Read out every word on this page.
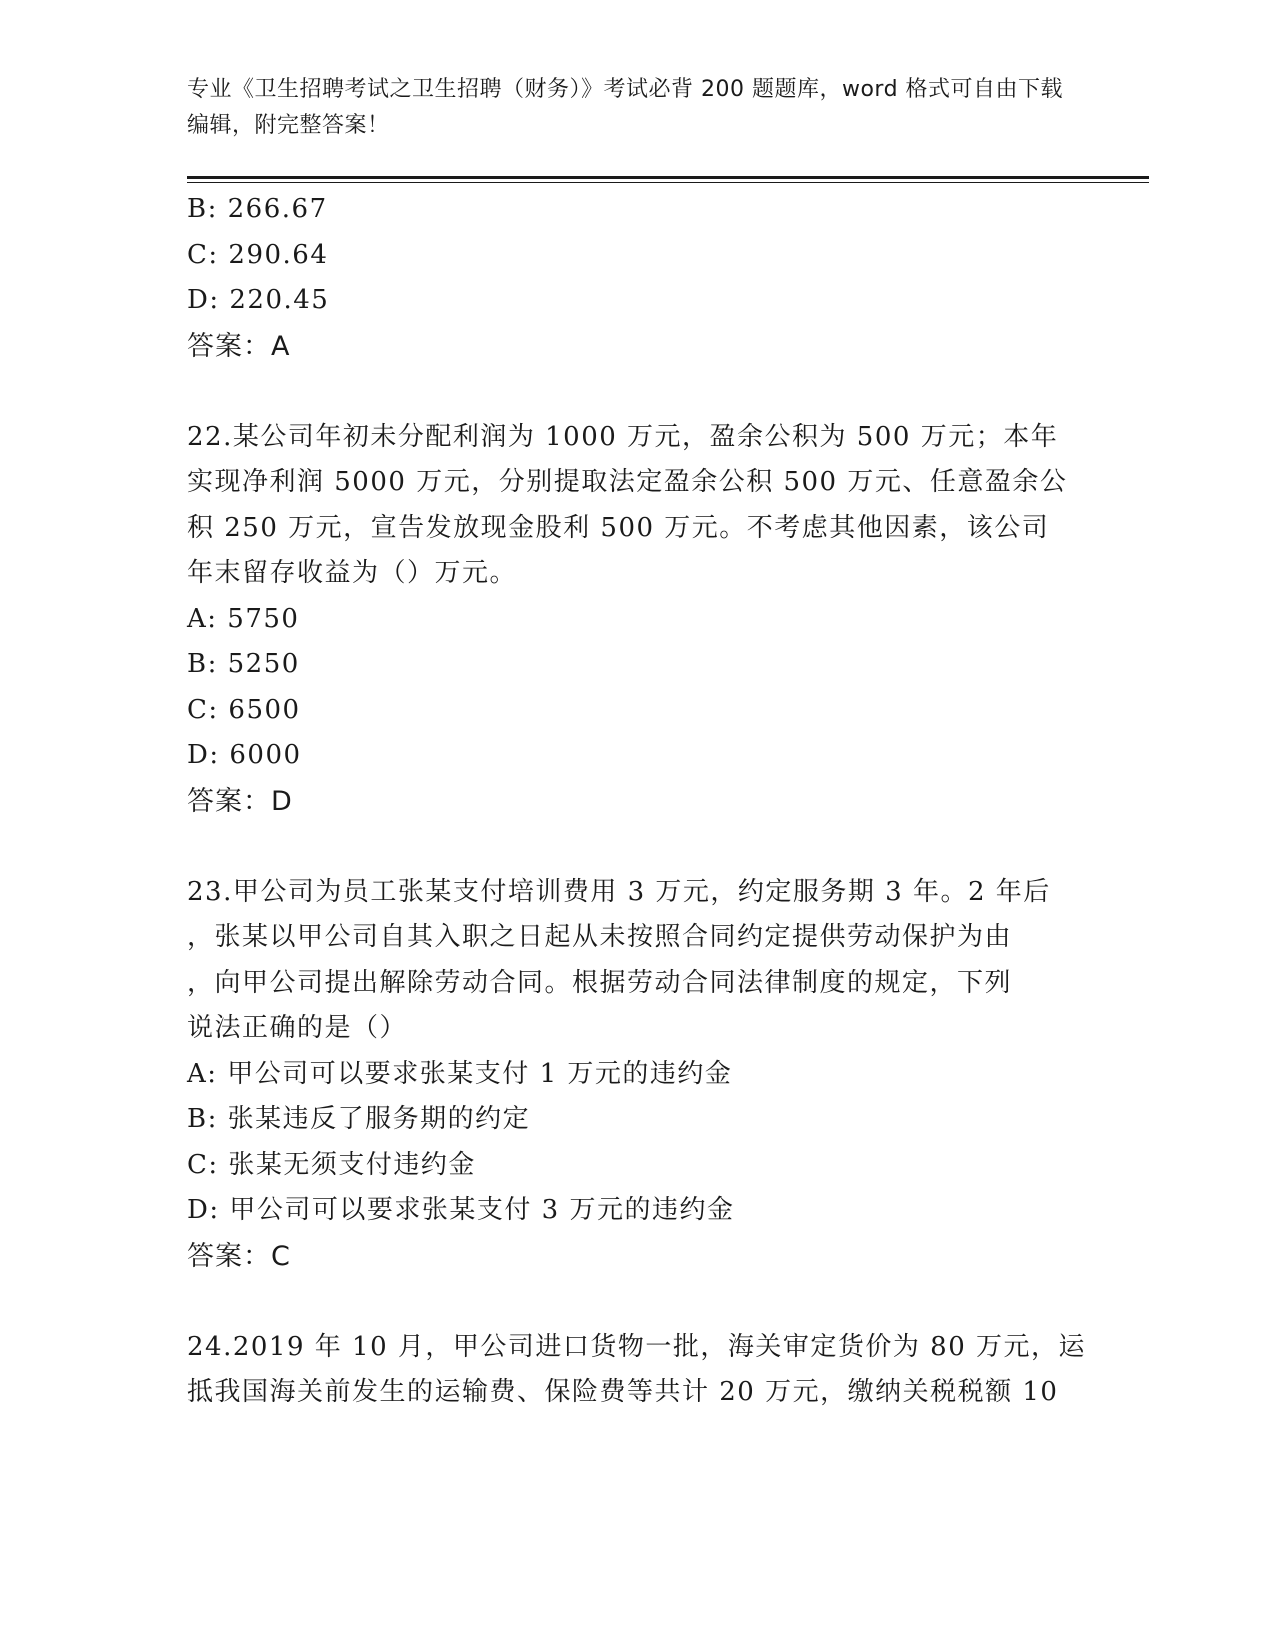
专业《卫生招聘考试之卫生招聘（财务）》考试必背 200 题题库，word 格式可自由下载编辑，附完整答案！
B: 266.67
C: 290.64
D: 220.45
答案：A
22.某公司年初未分配利润为 1000 万元，盈余公积为 500 万元；本年
实现净利润 5000 万元，分别提取法定盈余公积 500 万元、任意盈余公
积 250 万元，宣告发放现金股利 500 万元。不考虑其他因素，该公司
年末留存收益为（）万元。
A: 5750
B: 5250
C: 6500
D: 6000
答案：D
23.甲公司为员工张某支付培训费用 3 万元，约定服务期 3 年。2 年后
，张某以甲公司自其入职之日起从未按照合同约定提供劳动保护为由
，向甲公司提出解除劳动合同。根据劳动合同法律制度的规定，下列
说法正确的是（）
A: 甲公司可以要求张某支付 1 万元的违约金
B: 张某违反了服务期的约定
C: 张某无须支付违约金
D: 甲公司可以要求张某支付 3 万元的违约金
答案：C
24.2019 年 10 月，甲公司进口货物一批，海关审定货价为 80 万元，运
抵我国海关前发生的运输费、保险费等共计 20 万元，缴纳关税税额 10
